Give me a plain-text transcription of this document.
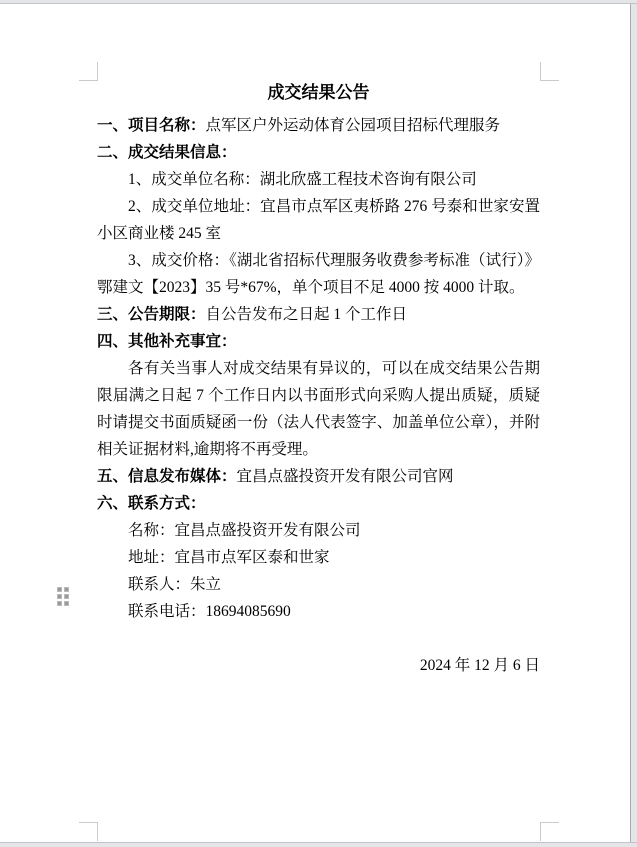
成交结果公告

一、项目名称：点军区户外运动体育公园项目招标代理服务

二、成交结果信息：

1、成交单位名称：湖北欣盛工程技术咨询有限公司

2、成交单位地址：宜昌市点军区夷桥路 276 号泰和世家安置小区商业楼 245 室

3、成交价格：《湖北省招标代理服务收费参考标准（试行）》鄂建文【2023】35 号*67%，单个项目不足 4000 按 4000 计取。

三、公告期限：自公告发布之日起 1 个工作日

四、其他补充事宜：

各有关当事人对成交结果有异议的，可以在成交结果公告期限届满之日起 7 个工作日内以书面形式向采购人提出质疑，质疑时请提交书面质疑函一份（法人代表签字、加盖单位公章），并附相关证据材料,逾期将不再受理。

五、信息发布媒体：宜昌点盛投资开发有限公司官网

六、联系方式：

名称：宜昌点盛投资开发有限公司

地址：宜昌市点军区泰和世家

联系人：朱立

联系电话：18694085690

2024 年 12 月 6 日
